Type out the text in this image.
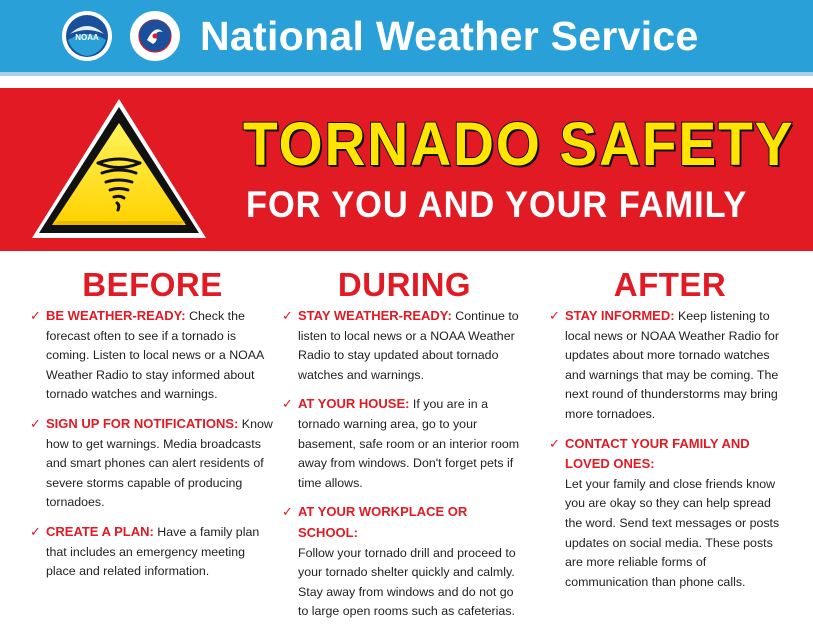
NOAA National Weather Service
TORNADO SAFETY
FOR YOU AND YOUR FAMILY
BEFORE
✓ BE WEATHER-READY: Check the forecast often to see if a tornado is coming. Listen to local news or a NOAA Weather Radio to stay informed about tornado watches and warnings.
✓ SIGN UP FOR NOTIFICATIONS: Know how to get warnings. Media broadcasts and smart phones can alert residents of severe storms capable of producing tornadoes.
✓ CREATE A PLAN: Have a family plan that includes an emergency meeting place and related information.
DURING
✓ STAY WEATHER-READY: Continue to listen to local news or a NOAA Weather Radio to stay updated about tornado watches and warnings.
✓ AT YOUR HOUSE: If you are in a tornado warning area, go to your basement, safe room or an interior room away from windows. Don't forget pets if time allows.
✓ AT YOUR WORKPLACE OR SCHOOL:
Follow your tornado drill and proceed to your tornado shelter quickly and calmly. Stay away from windows and do not go to large open rooms such as cafeterias.
AFTER
✓ STAY INFORMED: Keep listening to local news or NOAA Weather Radio for updates about more tornado watches and warnings that may be coming. The next round of thunderstorms may bring more tornadoes.
✓ CONTACT YOUR FAMILY AND LOVED ONES:
Let your family and close friends know you are okay so they can help spread the word. Send text messages or posts updates on social media. These posts are more reliable forms of communication than phone calls.
